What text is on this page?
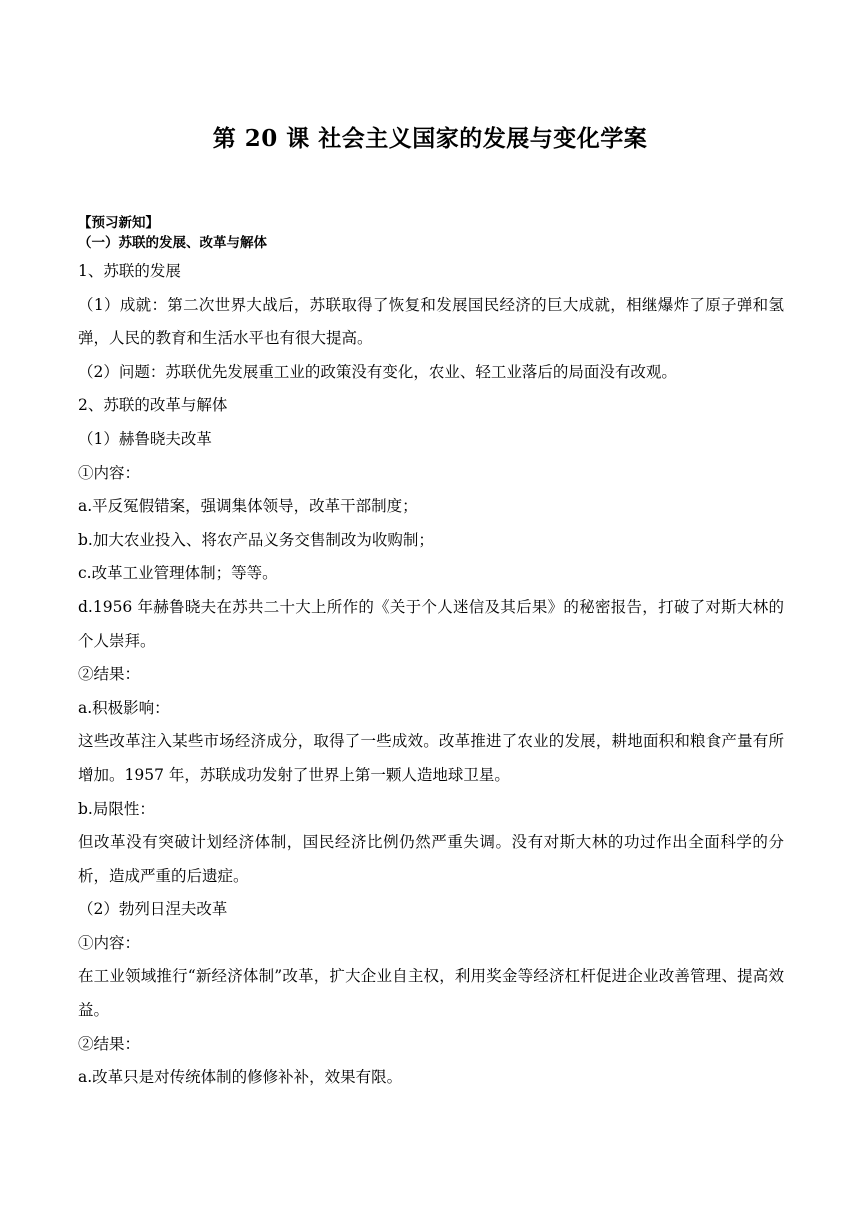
第 20 课 社会主义国家的发展与变化学案
【预习新知】
（一）苏联的发展、改革与解体
1、苏联的发展
（1）成就：第二次世界大战后，苏联取得了恢复和发展国民经济的巨大成就，相继爆炸了原子弹和氢弹，人民的教育和生活水平也有很大提高。
（2）问题：苏联优先发展重工业的政策没有变化，农业、轻工业落后的局面没有改观。
2、苏联的改革与解体
（1）赫鲁晓夫改革
①内容：
a.平反冤假错案，强调集体领导，改革干部制度；
b.加大农业投入、将农产品义务交售制改为收购制；
c.改革工业管理体制；等等。
d.1956 年赫鲁晓夫在苏共二十大上所作的《关于个人迷信及其后果》的秘密报告，打破了对斯大林的个人崇拜。
②结果：
a.积极影响：
这些改革注入某些市场经济成分，取得了一些成效。改革推进了农业的发展，耕地面积和粮食产量有所增加。1957 年，苏联成功发射了世界上第一颗人造地球卫星。
b.局限性：
但改革没有突破计划经济体制，国民经济比例仍然严重失调。没有对斯大林的功过作出全面科学的分析，造成严重的后遗症。
（2）勃列日涅夫改革
①内容：
在工业领域推行“新经济体制”改革，扩大企业自主权，利用奖金等经济杠杆促进企业改善管理、提高效益。
②结果：
a.改革只是对传统体制的修修补补，效果有限。
